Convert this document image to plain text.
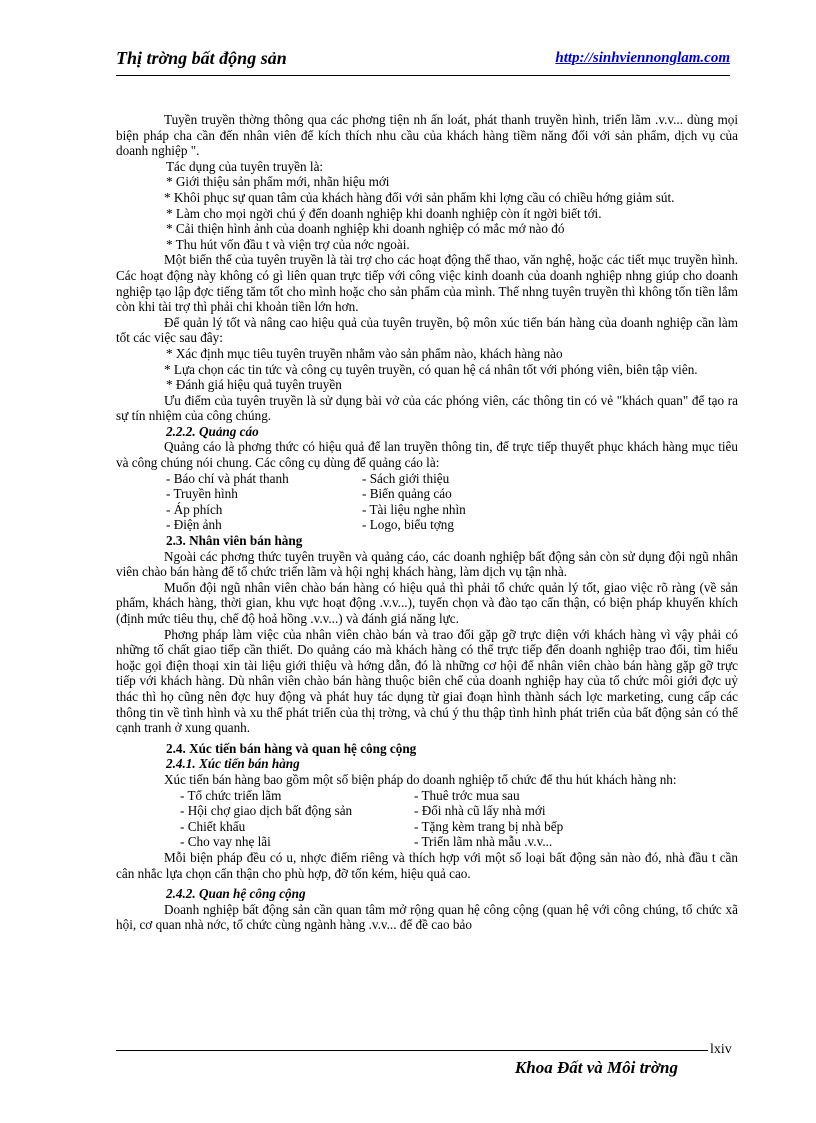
Thị trờng bất động sản	http://sinhviennonglam.com

Tuyền truyền thờng thông qua các phơng tiện nh ấn loát, phát thanh truyền hình, triển lãm .v.v... dùng mọi biện pháp cha cần đến nhân viên để kích thích nhu cầu của khách hàng tiềm năng đối với sản phẩm, dịch vụ của doanh nghiệp ".

Tác dụng của tuyên truyền là:

* Giới thiệu sản phẩm mới, nhãn hiệu mới

* Khôi phục sự quan tâm của khách hàng đối với sản phẩm khi lợng cầu có chiều hớng giảm sút.

* Làm cho mọi ngời chú ý đến doanh nghiệp khi doanh nghiệp còn ít ngời biết tới.

* Cải thiện hình ảnh của doanh nghiệp khi doanh nghiệp có mắc mớ nào đó

* Thu hút vốn đầu t và viện trợ của nớc ngoài.

Một biến thể của tuyên truyền là tài trợ cho các hoạt động thể thao, văn nghệ, hoặc các tiết mục truyền hình. Các hoạt động này không có gì liên quan trực tiếp với công việc kinh doanh của doanh nghiệp nhng giúp cho doanh nghiệp tạo lập đợc tiếng tăm tốt cho mình hoặc cho sản phẩm của mình. Thế nhng tuyên truyền thì không tốn tiền lắm còn khi tài trợ thì phải chi khoản tiền lớn hơn.

Để quản lý tốt và nâng cao hiệu quả của tuyên truyền, bộ môn xúc tiến bán hàng của doanh nghiệp cần làm tốt các việc sau đây:

* Xác định mục tiêu tuyên truyền nhằm vào sản phẩm nào, khách hàng nào

* Lựa chọn các tin tức và công cụ tuyên truyền, có quan hệ cá nhân tốt với phóng viên, biên tập viên.

* Đánh giá hiệu quả tuyên truyền

Ưu điểm của tuyên truyền là sử dụng bài vở của các phóng viên, các thông tin có vẻ "khách quan" để tạo ra sự tín nhiệm của công chúng.

2.2.2. Quảng cáo

Quảng cáo là phơng thức có hiệu quả để lan truyền thông tin, để trực tiếp thuyết phục khách hàng mục tiêu và công chúng nói chung. Các công cụ dùng để quảng cáo là:

- Báo chí và phát thanh	- Sách giới thiệu
- Truyền hình	- Biển quảng cáo
- Áp phích	- Tài liệu nghe nhìn
- Điện ảnh	- Logo, biểu tợng

2.3. Nhân viên bán hàng

Ngoài các phơng thức tuyên truyền và quảng cáo, các doanh nghiệp bất động sản còn sử dụng đội ngũ nhân viên chào bán hàng để tổ chức triển lãm và hội nghị khách hàng, làm dịch vụ tận nhà.

Muốn đội ngũ nhân viên chào bán hàng có hiệu quả thì phải tổ chức quản lý tốt, giao việc rõ ràng (về sản phẩm, khách hàng, thời gian, khu vực hoạt động .v.v...), tuyển chọn và đào tạo cẩn thận, có biện pháp khuyến khích (định mức tiêu thụ, chế độ hoả hồng .v.v...) và đánh giá năng lực.

Phơng pháp làm việc của nhân viên chào bán và trao đổi gặp gỡ trực diện với khách hàng vì vậy phải có những tố chất giao tiếp cần thiết. Do quảng cáo mà khách hàng có thể trực tiếp đến doanh nghiệp trao đổi, tìm hiểu hoặc gọi điện thoại xin tài liệu giới thiệu và hớng dẫn, đó là những cơ hội để nhân viên chào bán hàng gặp gỡ trực tiếp với khách hàng. Dù nhân viên chào bán hàng thuộc biên chế của doanh nghiệp hay của tổ chức môi giới đợc uỷ thác thì họ cũng nên đợc huy động và phát huy tác dụng từ giai đoạn hình thành sách lợc marketing, cung cấp các thông tin về tình hình và xu thế phát triển của thị trờng, và chú ý thu thập tình hình phát triển của bất động sản có thể cạnh tranh ở xung quanh.

2.4. Xúc tiến bán hàng và quan hệ công cộng

2.4.1. Xúc tiến bán hàng

Xúc tiến bán hàng bao gồm một số biện pháp do doanh nghiệp tổ chức để thu hút khách hàng nh:

- Tổ chức triển lãm	- Thuê trớc mua sau
- Hội chợ giao dịch bất động sản	- Đổi nhà cũ lấy nhà mới
- Chiết khấu	- Tặng kèm trang bị nhà bếp
- Cho vay nhẹ lãi	- Triển lãm nhà mẫu .v.v...

Mỗi biện pháp đều có u, nhợc điểm riêng và thích hợp với một số loại bất động sản nào đó, nhà đầu t cần cân nhắc lựa chọn cẩn thận cho phù hợp, đỡ tốn kém, hiệu quả cao.

2.4.2. Quan hệ công cộng

Doanh nghiệp bất động sản cần quan tâm mở rộng quan hệ công cộng (quan hệ với công chúng, tổ chức xã hội, cơ quan nhà nớc, tổ chức cùng ngành hàng .v.v... để đề cao bảo

lxiv
Khoa Đất và Môi trờng
